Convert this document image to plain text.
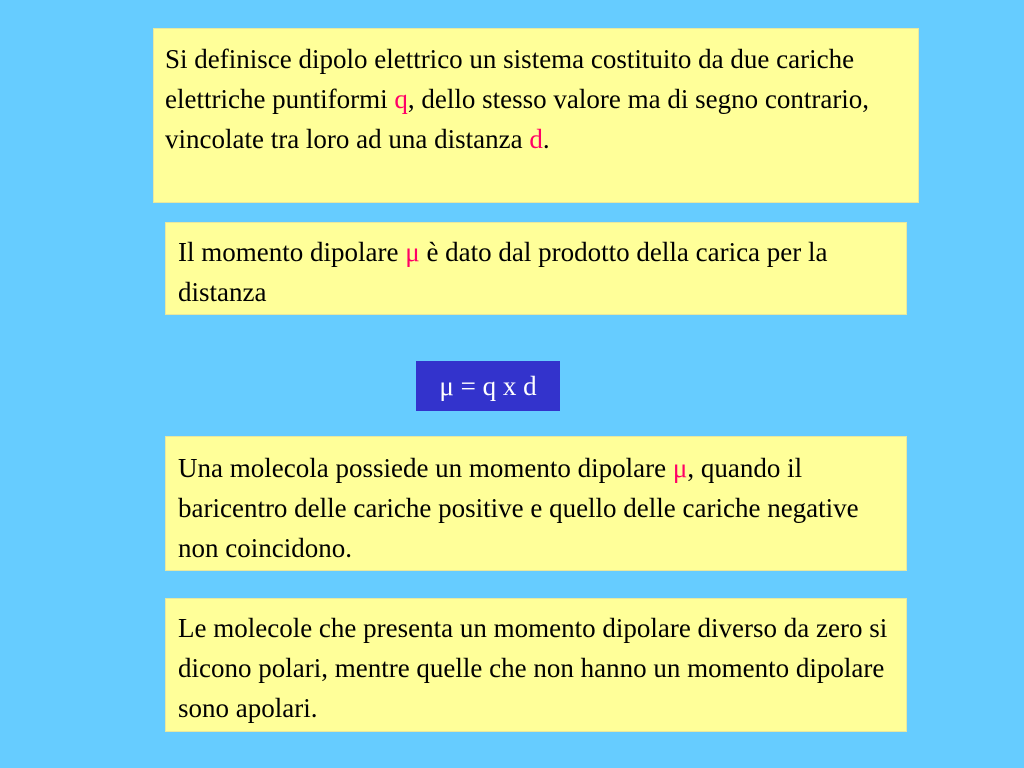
Si definisce dipolo elettrico un sistema costituito da due cariche elettriche puntiformi q, dello stesso valore ma di segno contrario, vincolate tra loro ad una distanza d.
Il momento dipolare μ è dato dal prodotto della carica per la distanza
μ = q x d
Una molecola possiede un momento dipolare μ, quando il baricentro delle cariche positive e quello delle cariche negative non coincidono.
Le molecole che presenta un momento dipolare diverso da zero si dicono polari, mentre quelle che non hanno un momento dipolare sono apolari.
